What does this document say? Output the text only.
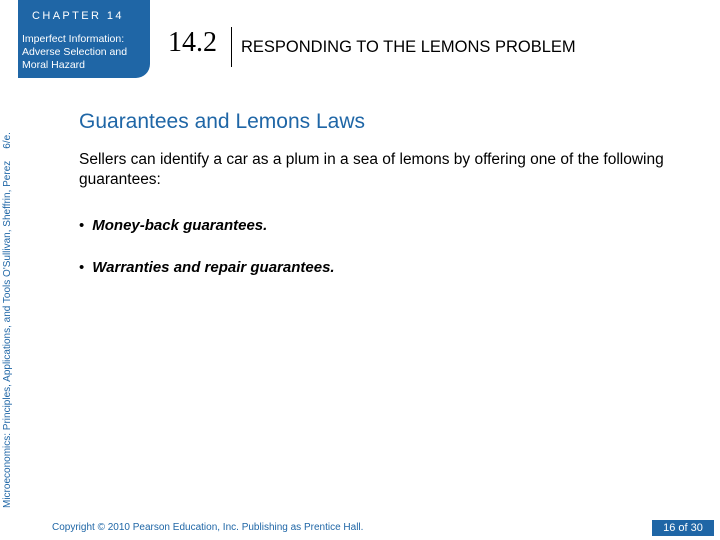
CHAPTER 14
Imperfect Information:
Adverse Selection and
Moral Hazard
14.2 RESPONDING TO THE LEMONS PROBLEM
Microeconomics: Principles, Applications, and Tools O'Sullivan, Sheffrin, Perez6/e.
Guarantees and Lemons Laws
Sellers can identify a car as a plum in a sea of lemons by offering one of the following guarantees:
• Money-back guarantees.
• Warranties and repair guarantees.
Copyright © 2010 Pearson Education, Inc. Publishing as Prentice Hall.	16 of 30
